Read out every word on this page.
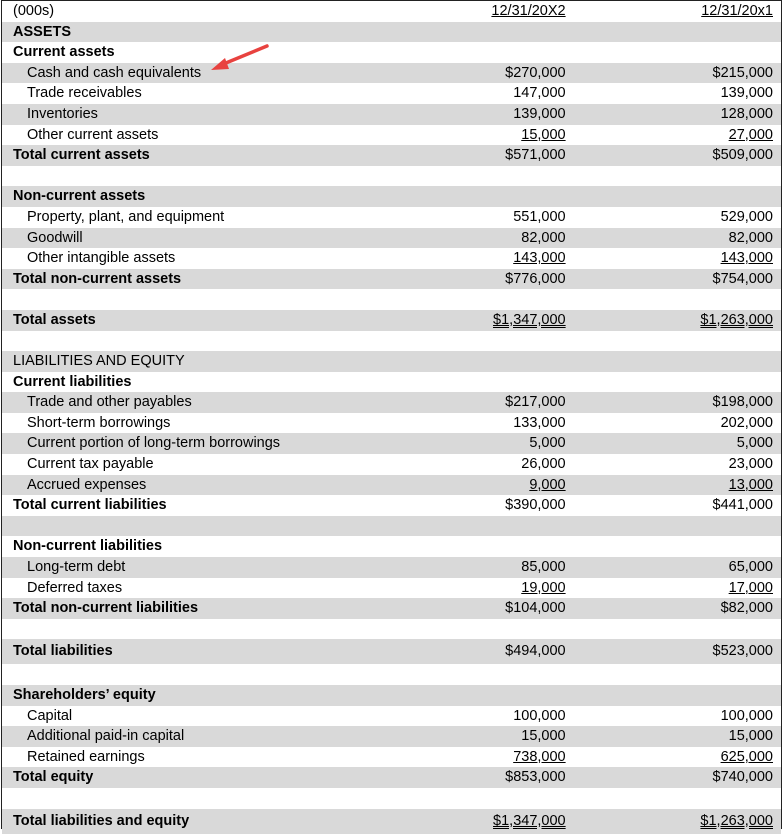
(000s)	12/31/20X2	12/31/20x1
ASSETS		
Current assets		
Cash and cash equivalents	$270,000	$215,000
Trade receivables	147,000	139,000
Inventories	139,000	128,000
Other current assets	15,000	27,000
Total current assets	$571,000	$509,000

Non-current assets		
Property, plant, and equipment	551,000	529,000
Goodwill	82,000	82,000
Other intangible assets	143,000	143,000
Total non-current assets	$776,000	$754,000

Total assets	$1,347,000	$1,263,000

LIABILITIES AND EQUITY		
Current liabilities		
Trade and other payables	$217,000	$198,000
Short-term borrowings	133,000	202,000
Current portion of long-term borrowings	5,000	5,000
Current tax payable	26,000	23,000
Accrued expenses	9,000	13,000
Total current liabilities	$390,000	$441,000

Non-current liabilities		
Long-term debt	85,000	65,000
Deferred taxes	19,000	17,000
Total non-current liabilities	$104,000	$82,000

Total liabilities	$494,000	$523,000

Shareholders’ equity		
Capital	100,000	100,000
Additional paid-in capital	15,000	15,000
Retained earnings	738,000	625,000
Total equity	$853,000	$740,000

Total liabilities and equity	$1,347,000	$1,263,000
